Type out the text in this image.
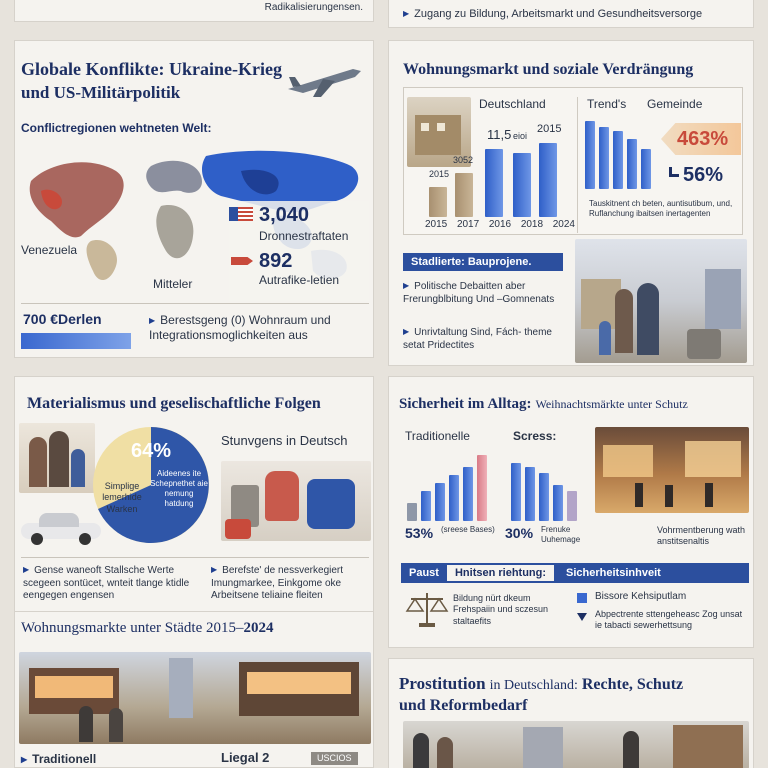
Radikalisierungensen.
▶ Zugang zu Bildung, Arbeitsmarkt und Gesundheitsversorge
Globale Konflikte: Ukraine-Krieg
und US-Militärpolitik
Conflictregionen wehtneten Welt:
Venezuela
Mitteler
3,040
Dronnestraftaten
892
Autrafike-letien
700 €Derlen
▶	Berestsgeng (0) Wohnraum und Integrationsmoglichkeiten aus
Wohnungsmarkt und soziale Verdrängung
Deutschland	Trend's Gemeinde
11,5 eioi
2015
3052
2015
2015 2017 2016 2018 2024
463%
56%
Tauskitnent ch beten, auntisutibum, und, Ruflanchung ibaitsen inertagenten
Stadlierte: Bauprojene.
▶ Politische Debaitten aber Frerungblbitung Und –Gomnenats
▶ Unrivtaltung Sind, Fách- theme setat Pridectites
Materialismus und geselischaftliche Folgen
64%
Aideenes ite Schepnethet aie nemung hatdung
Simplige lemerhide Warken
Stunvgens in Deutsch
▶ Gense waneoft Stallsche Werte scegeen sontücet, wnteit tlange ktidle eengegen engensen
▶ Berefste' de nessverkegiert Imungmarkee, Einkgome oke Arbeitsene teliaine fleiten
Wohnungsmarkte unter Städte 2015–2024
▶ Traditionell	Liegal 2	USCIOS
Sicherheit im Alltag: Weihnachtsmärkte unter Schutz
Traditionelle	Scress:
53% (sreese Bases) 30% Frenuke Uuhemage
Vohrmentberung wath anstitsenaltis
Paust	Hnitsen riehtung:	Sicherheitsinhveit
Bildung nürt dkeum Frehspaiin und sczesun staltaefits
Bissore Kehsiputlam
Abpectrente sttengeheasc Zog unsat ie tabacti sewerhettsung
Prostitution in Deutschland: Rechte, Schutz
und Reformbedarf
